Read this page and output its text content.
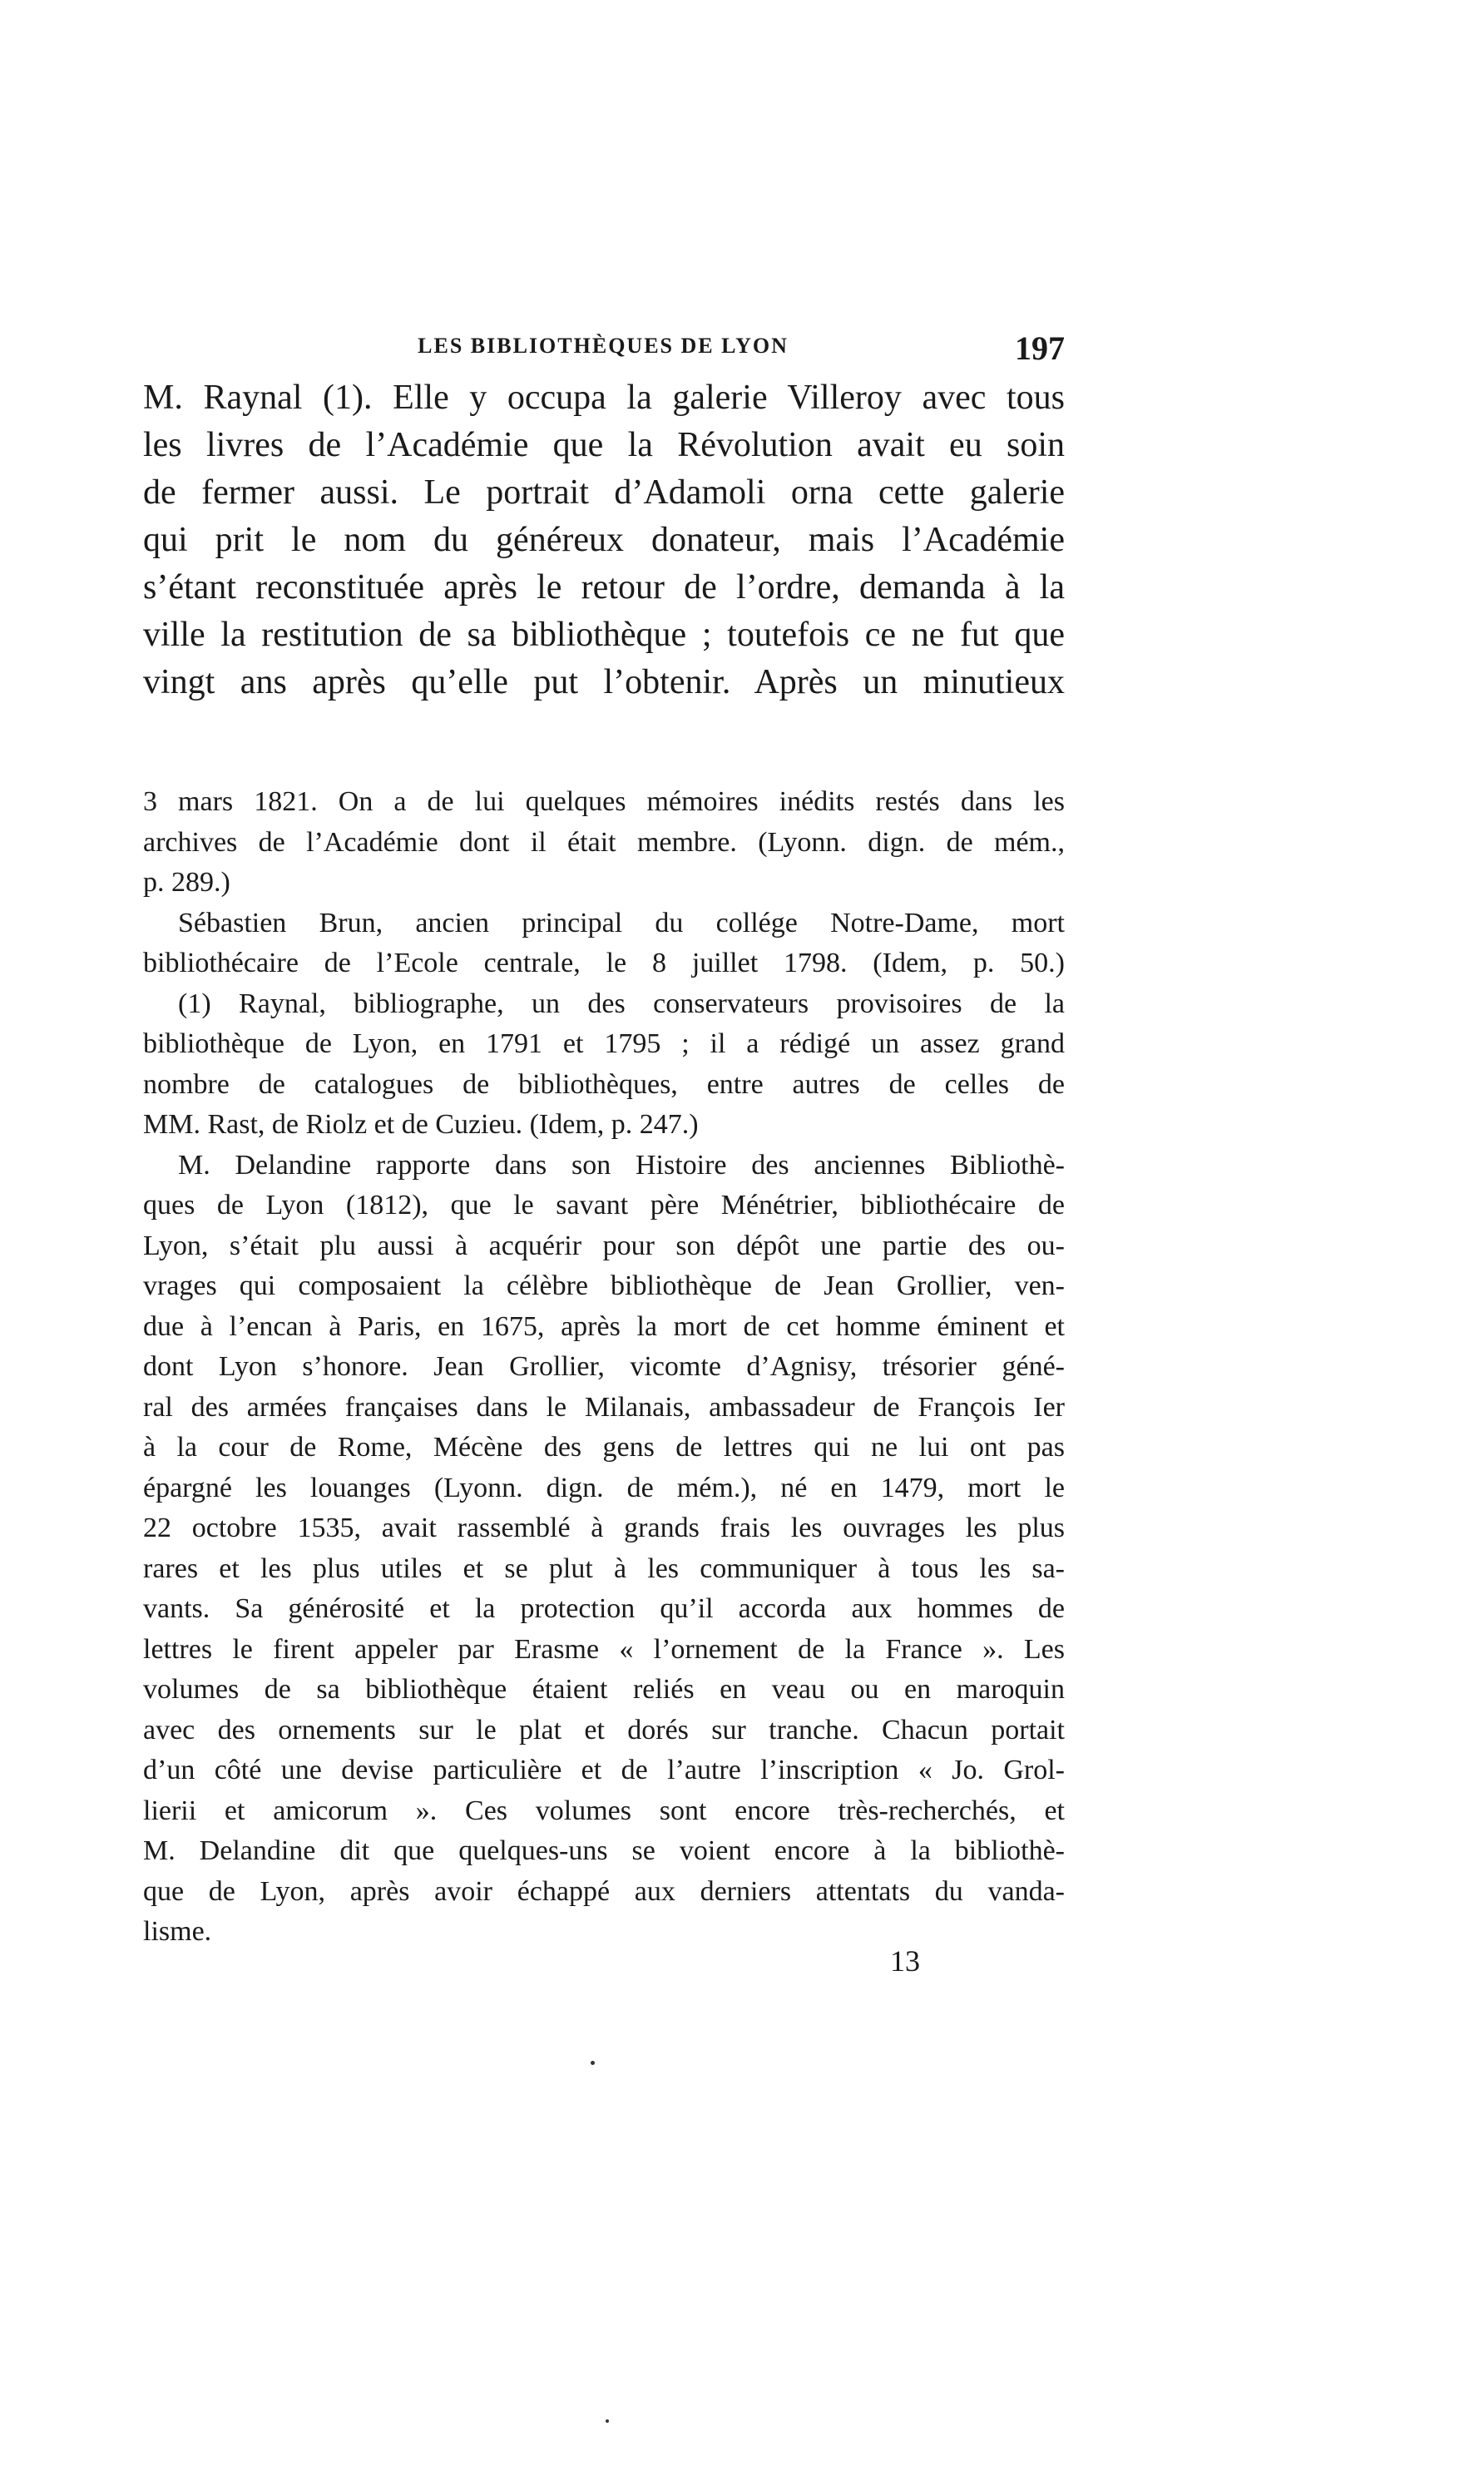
LES BIBLIOTHÈQUES DE LYON	197
M. Raynal (1). Elle y occupa la galerie Villeroy avec tous
les livres de l’Académie que la Révolution avait eu soin
de fermer aussi. Le portrait d’Adamoli orna cette galerie
qui prit le nom du généreux donateur, mais l’Académie
s’étant reconstituée après le retour de l’ordre, demanda à la
ville la restitution de sa bibliothèque ; toutefois ce ne fut que
vingt ans après qu’elle put l’obtenir. Après un minutieux
3 mars 1821. On a de lui quelques mémoires inédits restés dans les
archives de l’Académie dont il était membre. (Lyonn. dign. de mém.,
p. 289.)
Sébastien Brun, ancien principal du collége Notre-Dame, mort
bibliothécaire de l’Ecole centrale, le 8 juillet 1798. (Idem, p. 50.)
(1) Raynal, bibliographe, un des conservateurs provisoires de la
bibliothèque de Lyon, en 1791 et 1795 ; il a rédigé un assez grand
nombre de catalogues de bibliothèques, entre autres de celles de
MM. Rast, de Riolz et de Cuzieu. (Idem, p. 247.)
M. Delandine rapporte dans son Histoire des anciennes Bibliothè-
ques de Lyon (1812), que le savant père Ménétrier, bibliothécaire de
Lyon, s’était plu aussi à acquérir pour son dépôt une partie des ou-
vrages qui composaient la célèbre bibliothèque de Jean Grollier, ven-
due à l’encan à Paris, en 1675, après la mort de cet homme éminent et
dont Lyon s’honore. Jean Grollier, vicomte d’Agnisy, trésorier géné-
ral des armées françaises dans le Milanais, ambassadeur de François Ier
à la cour de Rome, Mécène des gens de lettres qui ne lui ont pas
épargné les louanges (Lyonn. dign. de mém.), né en 1479, mort le
22 octobre 1535, avait rassemblé à grands frais les ouvrages les plus
rares et les plus utiles et se plut à les communiquer à tous les sa-
vants. Sa générosité et la protection qu’il accorda aux hommes de
lettres le firent appeler par Erasme « l’ornement de la France ». Les
volumes de sa bibliothèque étaient reliés en veau ou en maroquin
avec des ornements sur le plat et dorés sur tranche. Chacun portait
d’un côté une devise particulière et de l’autre l’inscription « Jo. Grol-
lierii et amicorum ». Ces volumes sont encore très-recherchés, et
M. Delandine dit que quelques-uns se voient encore à la bibliothè-
que de Lyon, après avoir échappé aux derniers attentats du vanda-
lisme.
13
